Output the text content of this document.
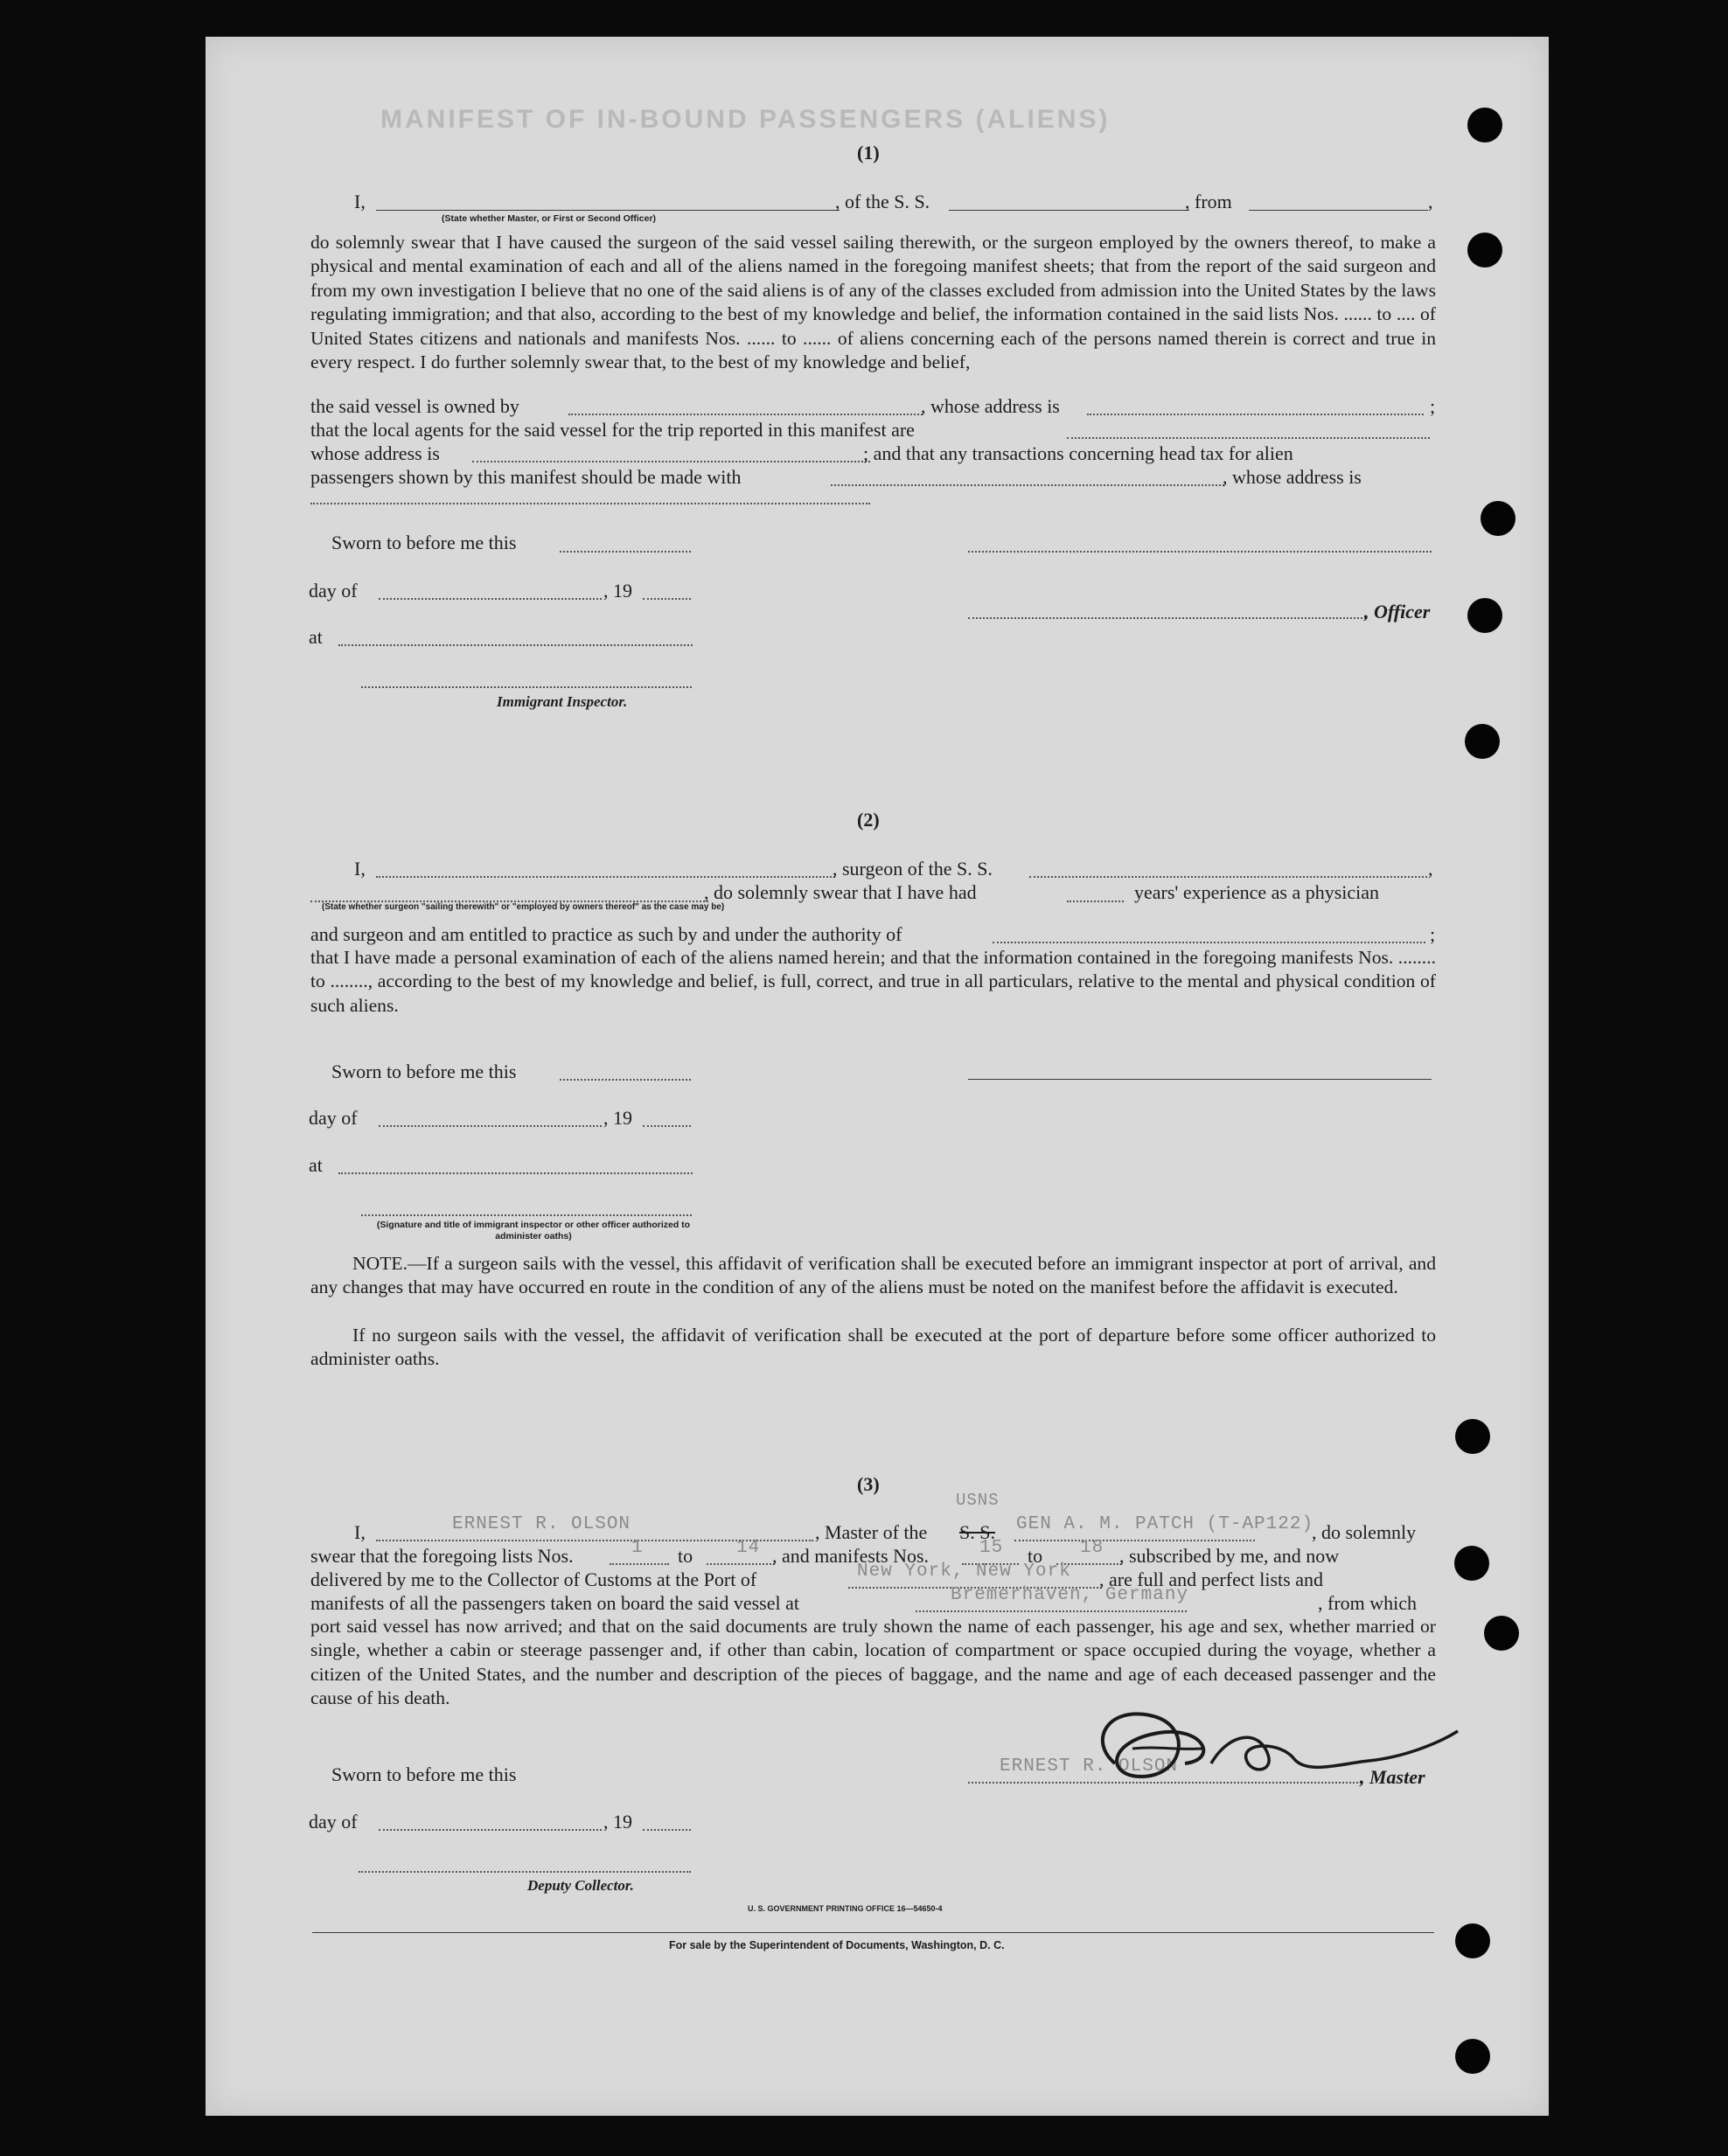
MANIFEST OF IN-BOUND PASSENGERS (ALIENS)
(1)
I,	, of the S. S.	, from	,
(State whether Master, or First or Second Officer)
do solemnly swear that I have caused the surgeon of the said vessel sailing therewith, or the surgeon employed by the owners thereof, to make a physical and mental examination of each and all of the aliens named in the foregoing manifest sheets; that from the report of the said surgeon and from my own investigation I believe that no one of the said aliens is of any of the classes excluded from admission into the United States by the laws regulating immigration; and that also, according to the best of my knowledge and belief, the information contained in the said lists Nos. ...... to .... of United States citizens and nationals and manifests Nos. ...... to ...... of aliens concerning each of the persons named therein is correct and true in every respect. I do further solemnly swear that, to the best of my knowledge and belief,
the said vessel is owned by	, whose address is	;
that the local agents for the said vessel for the trip reported in this manifest are
whose address is	; and that any transactions concerning head tax for alien
passengers shown by this manifest should be made with	, whose address is
Sworn to before me this
day of	, 19
, Officer
at
Immigrant Inspector.
(2)
I,	, surgeon of the S. S.	,
, do solemnly swear that I have had	years' experience as a physician
(State whether surgeon "sailing therewith" or "employed by owners thereof" as the case may be)
and surgeon and am entitled to practice as such by and under the authority of	;
that I have made a personal examination of each of the aliens named herein; and that the information contained in the foregoing manifests Nos. ........ to ........, according to the best of my knowledge and belief, is full, correct, and true in all particulars, relative to the mental and physical condition of such aliens.
Sworn to before me this
day of	, 19
at
(Signature and title of immigrant inspector or other officer authorized to administer oaths)
NOTE.—If a surgeon sails with the vessel, this affidavit of verification shall be executed before an immigrant inspector at port of arrival, and any changes that may have occurred en route in the condition of any of the aliens must be noted on the manifest before the affidavit is executed.
If no surgeon sails with the vessel, the affidavit of verification shall be executed at the port of departure before some officer authorized to administer oaths.
(3)
I,	ERNEST R. OLSON	, Master of the
USNS
S. S. GEN A. M. PATCH (T-AP122)
, do solemnly
swear that the foregoing lists Nos.	1 to 14 , and manifests Nos.	15 to 18 , subscribed by me, and now
delivered by me to the Collector of Customs at the Port of	New York, New York , are full and perfect lists and
manifests of all the passengers taken on board the said vessel at	Bremerhaven, Germany	, from which
port said vessel has now arrived; and that on the said documents are truly shown the name of each passenger, his age and sex, whether married or single, whether a cabin or steerage passenger and, if other than cabin, location of compartment or space occupied during the voyage, whether a citizen of the United States, and the number and description of the pieces of baggage, and the name and age of each deceased passenger and the cause of his death.
Sworn to before me this	ERNEST R. OLSON	, Master
day of	, 19
Deputy Collector.
U. S. GOVERNMENT PRINTING OFFICE 16—54650-4
For sale by the Superintendent of Documents, Washington, D. C.
